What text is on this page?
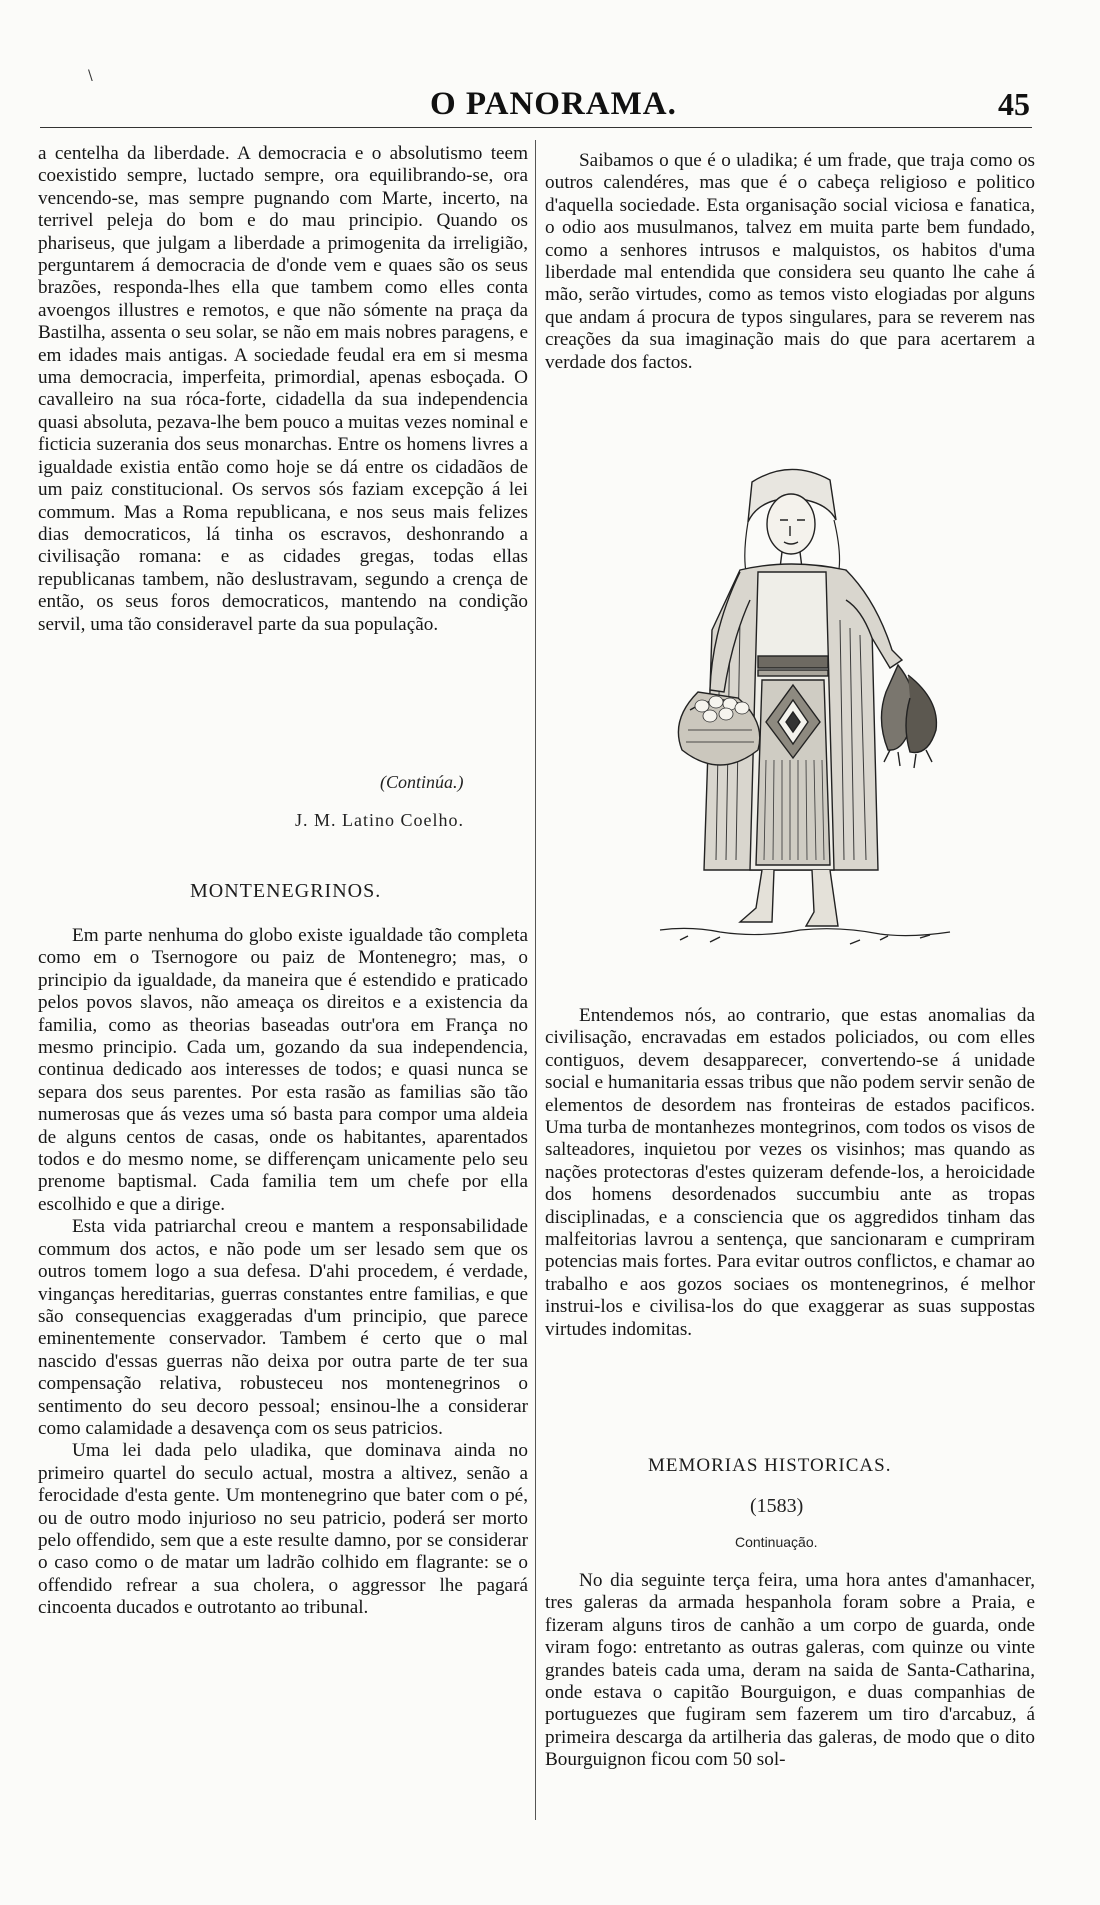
\
O PANORAMA.	45

a centelha da liberdade. A democracia e o absolutismo teem coexistido sempre, luctado sempre, ora equilibrando-se, ora vencendo-se, mas sempre pugnando com Marte, incerto, na terrivel peleja do bom e do mau principio. Quando os phariseus, que julgam a liberdade a primogenita da irreligião, perguntarem á democracia de d'onde vem e quaes são os seus brazões, responda-lhes ella que tambem como elles conta avoengos illustres e remotos, e que não sómente na praça da Bastilha, assenta o seu solar, se não em mais nobres paragens, e em idades mais antigas. A sociedade feudal era em si mesma uma democracia, imperfeita, primordial, apenas esboçada. O cavalleiro na sua róca-forte, cidadella da sua independencia quasi absoluta, pezava-lhe bem pouco a muitas vezes nominal e ficticia suzerania dos seus monarchas. Entre os homens livres a igualdade existia então como hoje se dá entre os cidadãos de um paiz constitucional. Os servos sós faziam excepção á lei commum. Mas a Roma republicana, e nos seus mais felizes dias democraticos, lá tinha os escravos, deshonrando a civilisação romana: e as cidades gregas, todas ellas republicanas tambem, não deslustravam, segundo a crença de então, os seus foros democraticos, mantendo na condição servil, uma tão consideravel parte da sua população.

(Continúa.)
J. M. Latino Coelho.
MONTENEGRINOS.

Em parte nenhuma do globo existe igualdade tão completa como em o Tsernogore ou paiz de Montenegro; mas, o principio da igualdade, da maneira que é estendido e praticado pelos povos slavos, não ameaça os direitos e a existencia da familia, como as theorias baseadas outr'ora em França no mesmo principio. Cada um, gozando da sua independencia, continua dedicado aos interesses de todos; e quasi nunca se separa dos seus parentes. Por esta rasão as familias são tão numerosas que ás vezes uma só basta para compor uma aldeia de alguns centos de casas, onde os habitantes, aparentados todos e do mesmo nome, se differençam unicamente pelo seu prenome baptismal. Cada familia tem um chefe por ella escolhido e que a dirige.

Esta vida patriarchal creou e mantem a responsabilidade commum dos actos, e não pode um ser lesado sem que os outros tomem logo a sua defesa. D'ahi procedem, é verdade, vinganças hereditarias, guerras constantes entre familias, e que são consequencias exaggeradas d'um principio, que parece eminentemente conservador. Tambem é certo que o mal nascido d'essas guerras não deixa por outra parte de ter sua compensação relativa, robusteceu nos montenegrinos o sentimento do seu decoro pessoal; ensinou-lhe a considerar como calamidade a desavença com os seus patricios.

Uma lei dada pelo uladika, que dominava ainda no primeiro quartel do seculo actual, mostra a altivez, senão a ferocidade d'esta gente. Um montenegrino que bater com o pé, ou de outro modo injurioso no seu patricio, poderá ser morto pelo offendido, sem que a este resulte damno, por se considerar o caso como o de matar um ladrão colhido em flagrante: se o offendido refrear a sua cholera, o aggressor lhe pagará cincoenta ducados e outrotanto ao tribunal.

Saibamos o que é o uladika; é um frade, que traja como os outros calendéres, mas que é o cabeça religioso e politico d'aquella sociedade. Esta organisação social viciosa e fanatica, o odio aos musulmanos, talvez em muita parte bem fundado, como a senhores intrusos e malquistos, os habitos d'uma liberdade mal entendida que considera seu quanto lhe cahe á mão, serão virtudes, como as temos visto elogiadas por alguns que andam á procura de typos singulares, para se reverem nas creações da sua imaginação mais do que para acertarem a verdade dos factos.

Entendemos nós, ao contrario, que estas anomalias da civilisação, encravadas em estados policiados, ou com elles contiguos, devem desapparecer, convertendo-se á unidade social e humanitaria essas tribus que não podem servir senão de elementos de desordem nas fronteiras de estados pacificos. Uma turba de montanhezes montegrinos, com todos os visos de salteadores, inquietou por vezes os visinhos; mas quando as nações protectoras d'estes quizeram defende-los, a heroicidade dos homens desordenados succumbiu ante as tropas disciplinadas, e a consciencia que os aggredidos tinham das malfeitorias lavrou a sentença, que sancionaram e cumpriram potencias mais fortes. Para evitar outros conflictos, e chamar ao trabalho e aos gozos sociaes os montenegrinos, é melhor instrui-los e civilisa-los do que exaggerar as suas suppostas virtudes indomitas.

MEMORIAS HISTORICAS.
(1583)
Continuação.

No dia seguinte terça feira, uma hora antes d'amanhacer, tres galeras da armada hespanhola foram sobre a Praia, e fizeram alguns tiros de canhão a um corpo de guarda, onde viram fogo: entretanto as outras galeras, com quinze ou vinte grandes bateis cada uma, deram na saida de Santa-Catharina, onde estava o capitão Bourguigon, e duas companhias de portuguezes que fugiram sem fazerem um tiro d'arcabuz, á primeira descarga da artilheria das galeras, de modo que o dito Bourguignon ficou com 50 sol-
